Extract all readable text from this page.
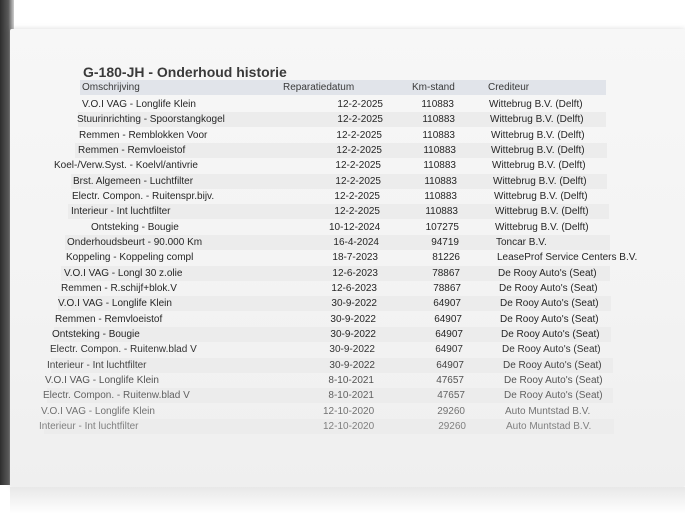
G-180-JH - Onderhoud historie
Omschrijving	Reparatiedatum	Km-stand	Crediteur
V.O.I VAG - Longlife Klein	12-2-2025	110883	Wittebrug B.V. (Delft)
Stuurinrichting - Spoorstangkogel	12-2-2025	110883	Wittebrug B.V. (Delft)
Remmen - Remblokken Voor	12-2-2025	110883	Wittebrug B.V. (Delft)
Remmen - Remvloeistof	12-2-2025	110883	Wittebrug B.V. (Delft)
Koel-/Verw.Syst. - Koelvl/antivrie	12-2-2025	110883	Wittebrug B.V. (Delft)
Brst. Algemeen - Luchtfilter	12-2-2025	110883	Wittebrug B.V. (Delft)
Electr. Compon. - Ruitenspr.bijv.	12-2-2025	110883	Wittebrug B.V. (Delft)
Interieur - Int luchtfilter	12-2-2025	110883	Wittebrug B.V. (Delft)
Ontsteking - Bougie	10-12-2024	107275	Wittebrug B.V. (Delft)
Onderhoudsbeurt - 90.000 Km	16-4-2024	94719	Toncar B.V.
Koppeling - Koppeling compl	18-7-2023	81226	LeaseProf Service Centers B.V.
V.O.I VAG - Longl 30 z.olie	12-6-2023	78867	De Rooy Auto's (Seat)
Remmen - R.schijf+blok.V	12-6-2023	78867	De Rooy Auto's (Seat)
V.O.I VAG - Longlife Klein	30-9-2022	64907	De Rooy Auto's (Seat)
Remmen - Remvloeistof	30-9-2022	64907	De Rooy Auto's (Seat)
Ontsteking - Bougie	30-9-2022	64907	De Rooy Auto's (Seat)
Electr. Compon. - Ruitenw.blad V	30-9-2022	64907	De Rooy Auto's (Seat)
Interieur - Int luchtfilter	30-9-2022	64907	De Rooy Auto's (Seat)
V.O.I VAG - Longlife Klein	8-10-2021	47657	De Rooy Auto's (Seat)
Electr. Compon. - Ruitenw.blad V	8-10-2021	47657	De Rooy Auto's (Seat)
V.O.I VAG - Longlife Klein	12-10-2020	29260	Auto Muntstad B.V.
Interieur - Int luchtfilter	12-10-2020	29260	Auto Muntstad B.V.
